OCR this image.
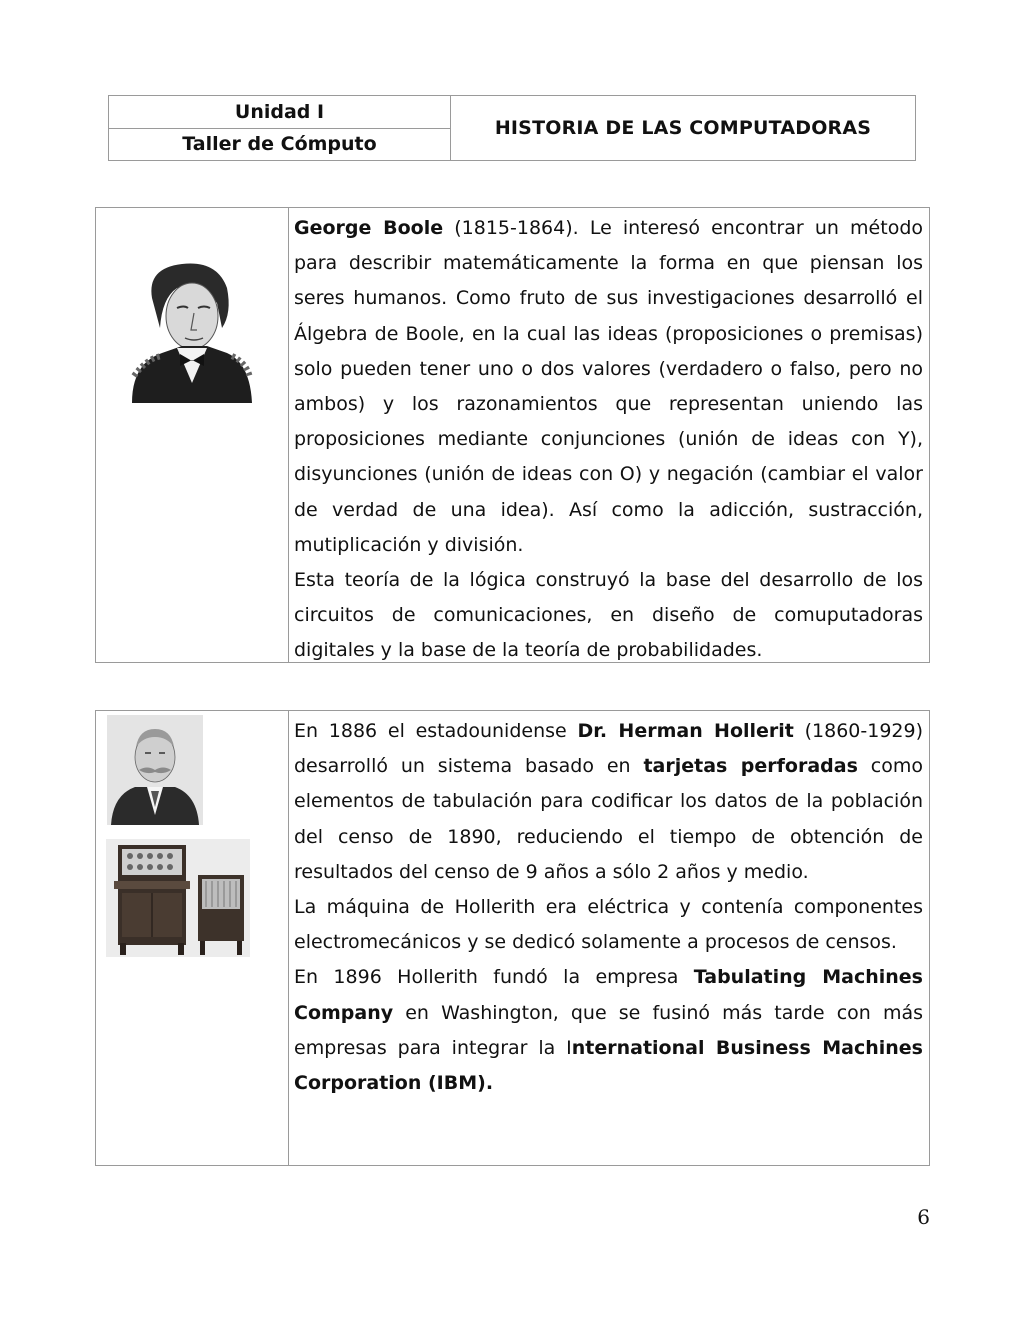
Unidad I
Taller de Cómputo
HISTORIA DE LAS COMPUTADORAS

George Boole (1815-1864). Le interesó encontrar un método para describir matemáticamente la forma en que piensan los seres humanos. Como fruto de sus investigaciones desarrolló el Álgebra de Boole, en la cual las ideas (proposiciones o premisas) solo pueden tener uno o dos valores (verdadero o falso, pero no ambos) y los razonamientos que representan uniendo las proposiciones mediante conjunciones (unión de ideas con Y), disyunciones (unión de ideas con O) y negación (cambiar el valor de verdad de una idea). Así como la adicción, sustracción, mutiplicación y división.

Esta teoría de la lógica construyó la base del desarrollo de los circuitos de comunicaciones, en diseño de comuputadoras digitales y la base de la teoría de probabilidades.

En 1886 el estadounidense Dr. Herman Hollerit (1860-1929) desarrolló un sistema basado en tarjetas perforadas como elementos de tabulación para codificar los datos de la población del censo de 1890, reduciendo el tiempo de obtención de resultados del censo de 9 años a sólo 2 años y medio.

La máquina de Hollerith era eléctrica y contenía componentes electromecánicos y se dedicó solamente a procesos de censos.

En 1896 Hollerith fundó la empresa Tabulating Machines Company en Washington, que se fusinó más tarde con más empresas para integrar la International Business Machines Corporation (IBM).

6
